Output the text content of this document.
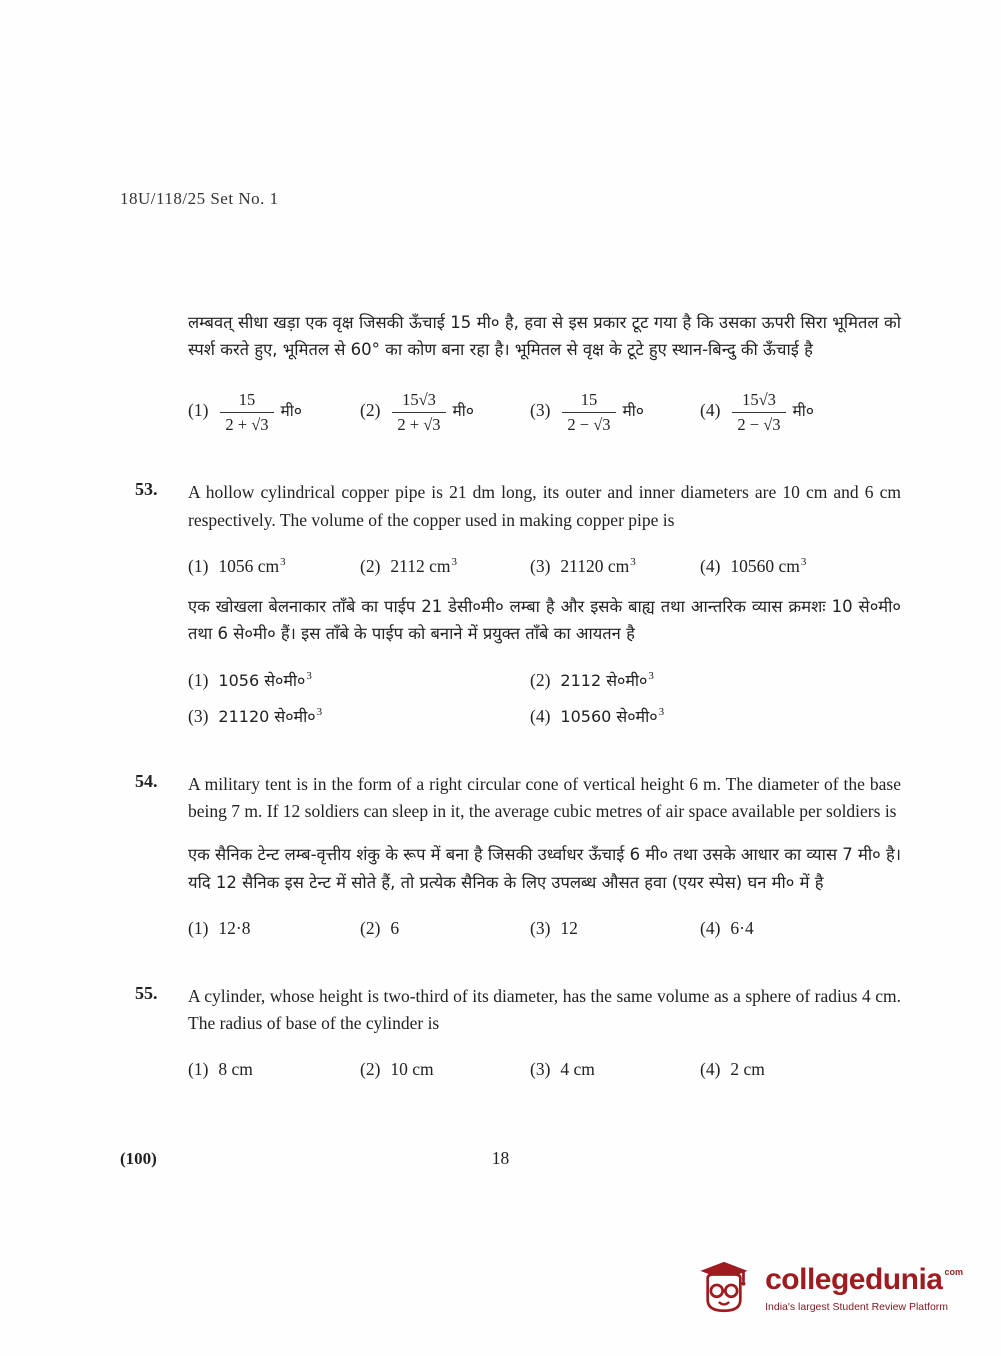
18U/118/25 Set No. 1

लम्बवत् सीधा खड़ा एक वृक्ष जिसकी ऊँचाई 15 मी० है, हवा से इस प्रकार टूट गया है कि उसका ऊपरी सिरा भूमितल को स्पर्श करते हुए, भूमितल से 60° का कोण बना रहा है। भूमितल से वृक्ष के टूटे हुए स्थान-बिन्दु की ऊँचाई है

$(1) \frac{15}{2 + √3}$ मी०	$(2) \frac{15√3}{2 + √3}$ मी०	$(3) \frac{15}{2 - √3}$ मी०	$(4) \frac{15√3}{2 - √3}$ मी०
53.	A hollow cylindrical copper pipe is 21 dm long, its outer and inner diameters are 10 cm and 6 cm respectively. The volume of the copper used in making copper pipe is

(1) 1056 $cm^3$	(2) 2112 $cm^3$	(3) 21120 $cm^3$	(4) 10560 $cm^3$

एक खोखला बेलनाकार ताँबे का पाईप 21 डेसी०मी० लम्बा है और इसके बाह्य तथा आन्तरिक व्यास क्रमशः 10 से०मी० तथा 6 से०मी० हैं। इस ताँबे के पाईप को बनाने में प्रयुक्त ताँबे का आयतन है

(1) 1056 $से०मी०^3$	(2) 2112 $से०मी०^3$
(3) 21120 $से०मी०^3$	(4) 10560 $से०मी०^3$
54.	A military tent is in the form of a right circular cone of vertical height 6 m. The diameter of the base being 7 m. If 12 soldiers can sleep in it, the average cubic metres of air space available per soldiers is

एक सैनिक टेन्ट लम्ब-वृत्तीय शंकु के रूप में बना है जिसकी उर्ध्वाधर ऊँचाई 6 मी० तथा उसके आधार का व्यास 7 मी० है। यदि 12 सैनिक इस टेन्ट में सोते हैं, तो प्रत्येक सैनिक के लिए उपलब्ध औसत हवा (एयर स्पेस) घन मी० में है

(1) 12·8	(2) 6	(3) 12	(4) 6·4
55.	A cylinder, whose height is two-third of its diameter, has the same volume as a sphere of radius 4 cm. The radius of base of the cylinder is

(1) 8 cm	(2) 10 cm	(3) 4 cm	(4) 2 cm
(100)	18
collegedunia com
India's largest Student Review Platform
